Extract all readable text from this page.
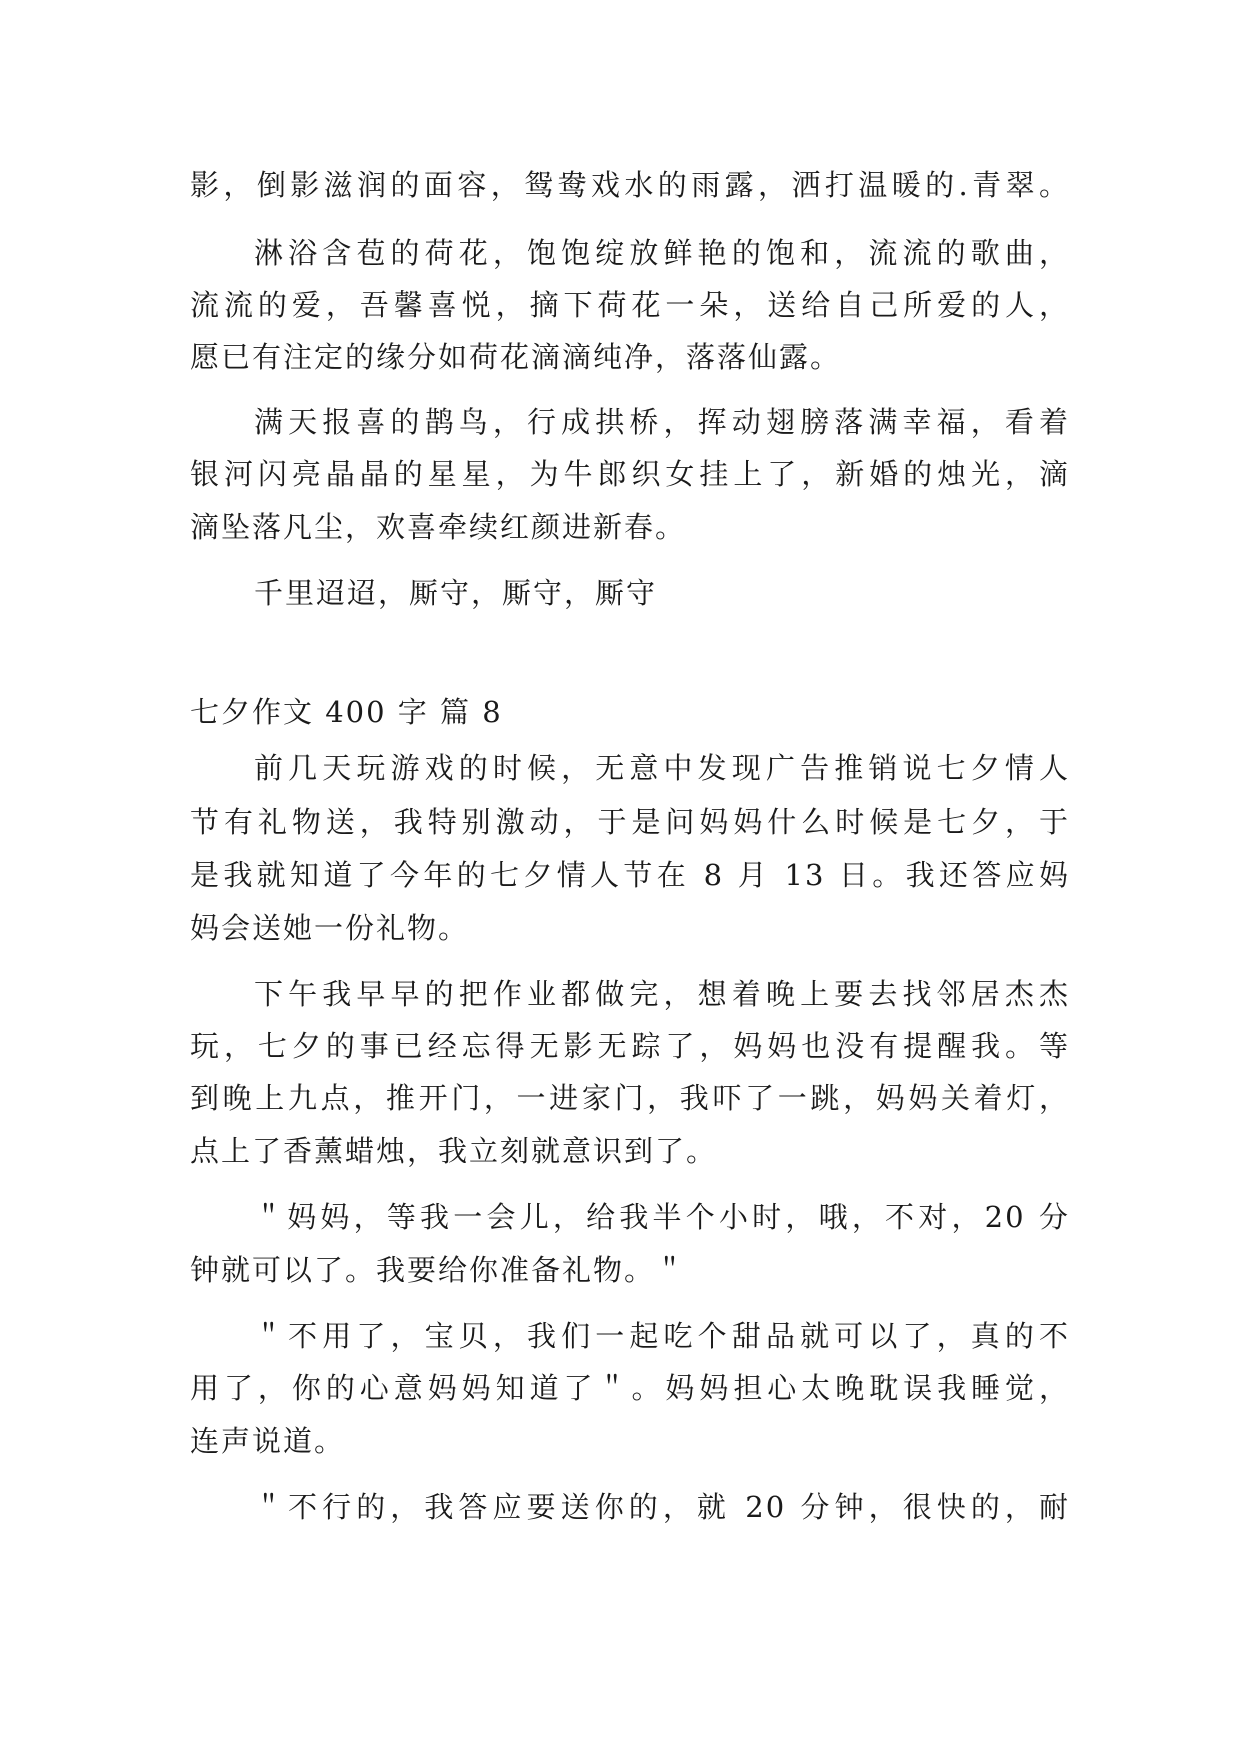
影，倒影滋润的面容，鸳鸯戏水的雨露，洒打温暖的.青翠。
淋浴含苞的荷花，饱饱绽放鲜艳的饱和，流流的歌曲，
流流的爱，吾馨喜悦，摘下荷花一朵，送给自己所爱的人，
愿已有注定的缘分如荷花滴滴纯净，落落仙露。
满天报喜的鹊鸟，行成拱桥，挥动翅膀落满幸福，看着
银河闪亮晶晶的星星，为牛郎织女挂上了，新婚的烛光，滴
滴坠落凡尘，欢喜牵续红颜进新春。
千里迢迢，厮守，厮守，厮守
七夕作文 400 字 篇 8
前几天玩游戏的时候，无意中发现广告推销说七夕情人
节有礼物送，我特别激动，于是问妈妈什么时候是七夕，于
是我就知道了今年的七夕情人节在 8 月 13 日。我还答应妈
妈会送她一份礼物。
下午我早早的把作业都做完，想着晚上要去找邻居杰杰
玩，七夕的事已经忘得无影无踪了，妈妈也没有提醒我。等
到晚上九点，推开门，一进家门，我吓了一跳，妈妈关着灯，
点上了香薰蜡烛，我立刻就意识到了。
＂妈妈，等我一会儿，给我半个小时，哦，不对，20 分
钟就可以了。我要给你准备礼物。＂
＂不用了，宝贝，我们一起吃个甜品就可以了，真的不
用了，你的心意妈妈知道了＂。妈妈担心太晚耽误我睡觉，
连声说道。
＂不行的，我答应要送你的，就 20 分钟，很快的，耐
